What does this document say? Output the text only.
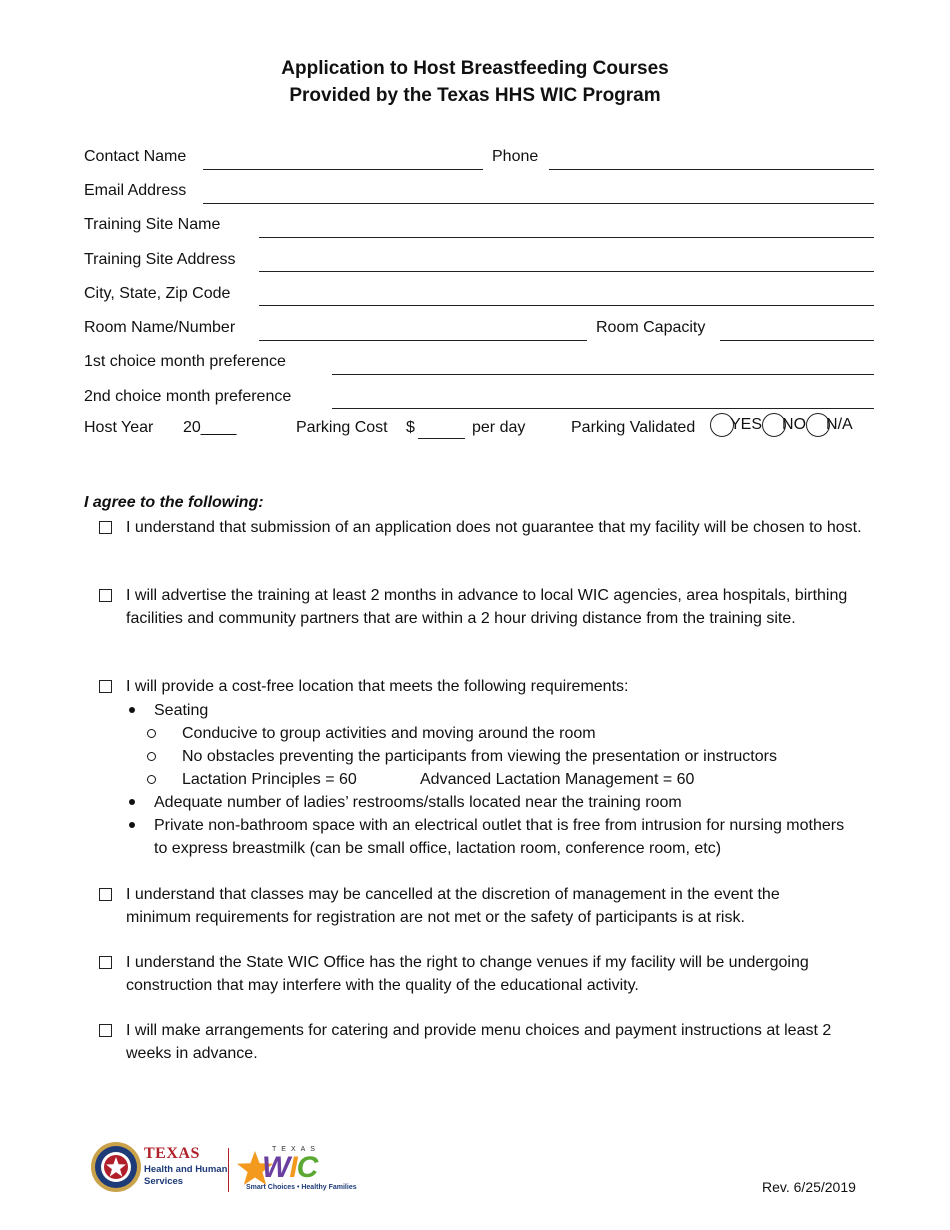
Application to Host Breastfeeding Courses
Provided by the Texas HHS WIC Program
Contact Name	Phone
Email Address
Training Site Name
Training Site Address
City, State, Zip Code
Room Name/Number	Room Capacity
1st choice month preference
2nd choice month preference
Host Year 20____	Parking Cost $	per day	Parking Validated	YES NO N/A
I agree to the following:
I understand that submission of an application does not guarantee that my facility will be chosen to host.
I will advertise the training at least 2 months in advance to local WIC agencies, area hospitals, birthing facilities and community partners that are within a 2 hour driving distance from the training site.
I will provide a cost-free location that meets the following requirements:
Seating
Conducive to group activities and moving around the room
No obstacles preventing the participants from viewing the presentation or instructors
Lactation Principles = 60	Advanced Lactation Management = 60
Adequate number of ladies’ restrooms/stalls located near the training room
Private non-bathroom space with an electrical outlet that is free from intrusion for nursing mothers to express breastmilk (can be small office, lactation room, conference room, etc)
I understand that classes may be cancelled at the discretion of management in the event the minimum requirements for registration are not met or the safety of participants is at risk.
I understand the State WIC Office has the right to change venues if my facility will be undergoing construction that may interfere with the quality of the educational activity.
I will make arrangements for catering and provide menu choices and payment instructions at least 2 weeks in advance.
TEXAS
Health and Human
Services
TEXAS
WIC
Smart Choices • Healthy Families	Rev. 6/25/2019
